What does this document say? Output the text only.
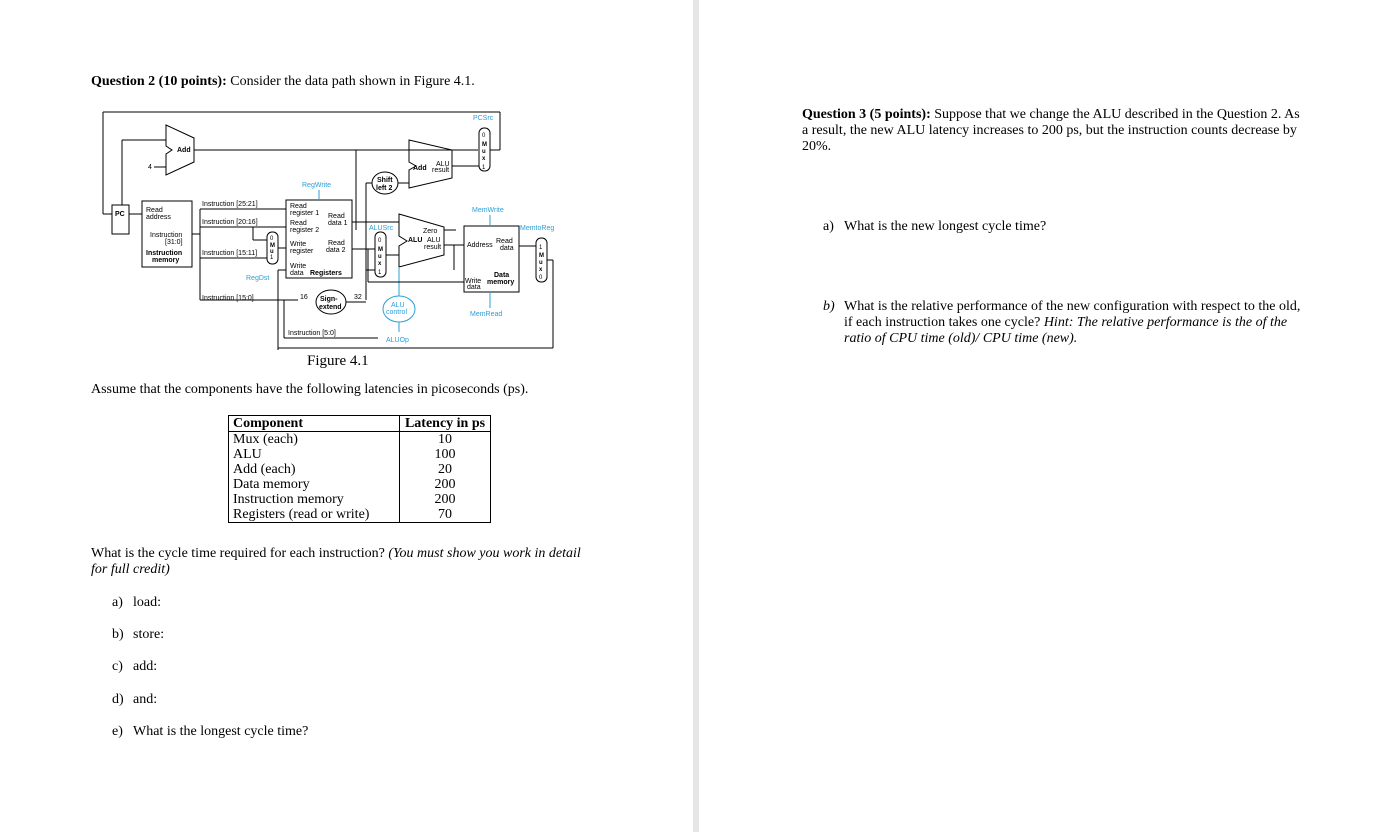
Question 2 (10 points): Consider the data path shown in Figure 4.1.
PC
Read
address
Instruction
[31:0]
Instruction
memory
Add
4
PCSrc
0
M
u
x
1
Add
ALU
result
Shift
left 2
RegWrite
Read
register 1
Read
register 2
Write
register
Write
data
Read
data 1
Read
data 2
Registers
Instruction [25:21]
Instruction [20:16]
Instruction [15:11]
Instruction [15:0]
0
M
u
1
RegDst
Sign-
extend
16	32
Instruction [5:0]
ALUSrc
0
M
u
x
1
Zero
ALU ALU
result
ALU
control
ALUOp
MemWrite
Address
Read
data
Write
data
Data
memory
MemRead
MemtoReg
1
M
u
x
0
Figure 4.1
Assume that the components have the following latencies in picoseconds (ps).
Component	Latency in ps
Mux (each)	10
ALU	100
Add (each)	20
Data memory	200
Instruction memory	200
Registers (read or write)	70
What is the cycle time required for each instruction? (You must show you work in detail for full credit)
a) load:
b) store:
c) add:
d) and:
e) What is the longest cycle time?
Question 3 (5 points): Suppose that we change the ALU described in the Question 2. As a result, the new ALU latency increases to 200 ps, but the instruction counts decrease by 20%.
a) What is the new longest cycle time?
b) What is the relative performance of the new configuration with respect to the old, if each instruction takes one cycle? Hint: The relative performance is the of the ratio of CPU time (old)/ CPU time (new).
